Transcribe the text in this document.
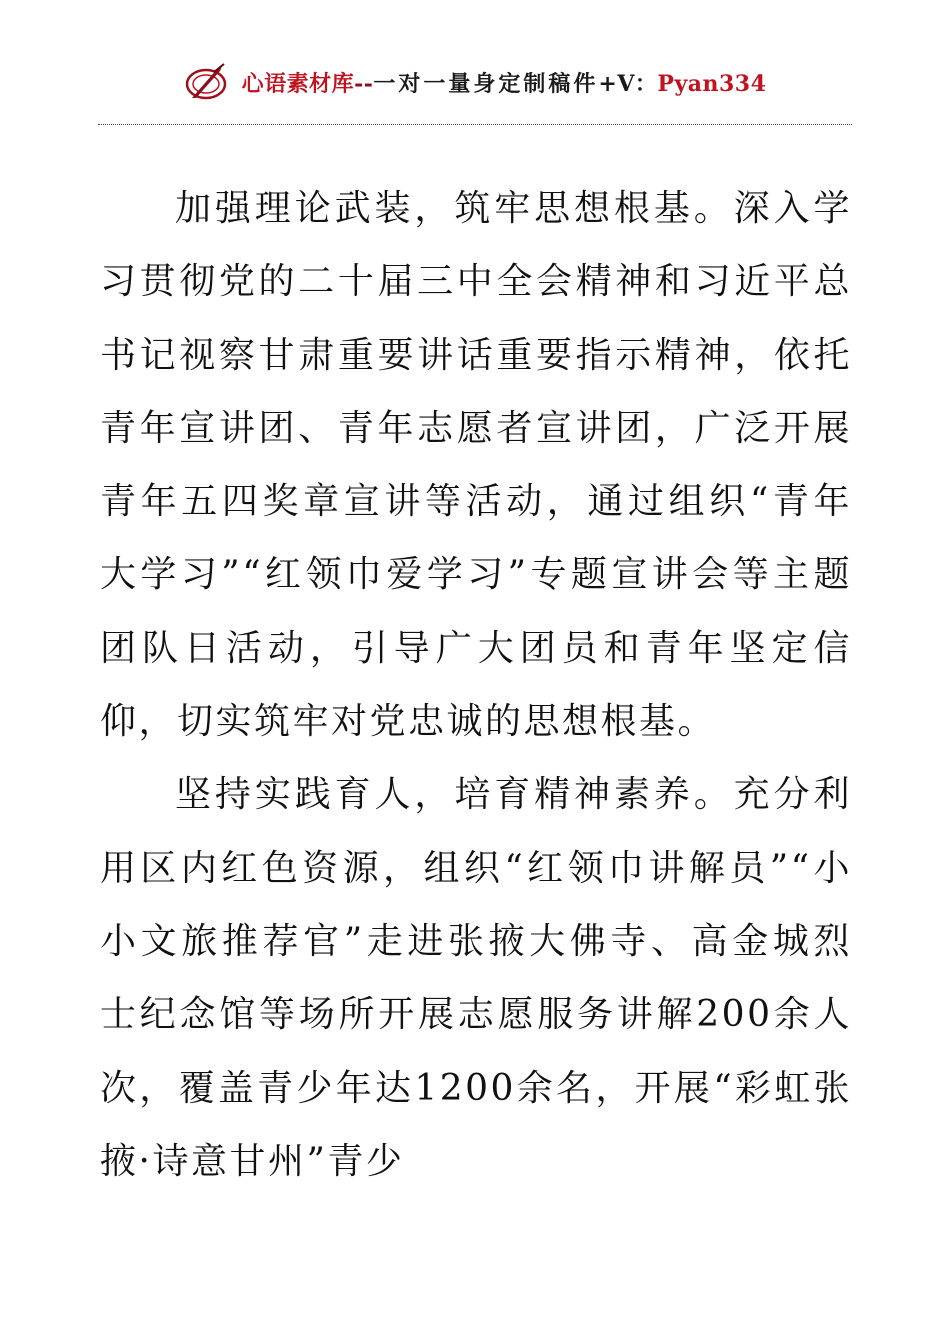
心语素材库--一对一量身定制稿件+V：Pyan334

加强理论武装，筑牢思想根基。深入学习贯彻党的二十届三中全会精神和习近平总书记视察甘肃重要讲话重要指示精神，依托青年宣讲团、青年志愿者宣讲团，广泛开展青年五四奖章宣讲等活动，通过组织“青年大学习”“红领巾爱学习”专题宣讲会等主题团队日活动，引导广大团员和青年坚定信仰，切实筑牢对党忠诚的思想根基。

坚持实践育人，培育精神素养。充分利用区内红色资源，组织“红领巾讲解员”“小小文旅推荐官”走进张掖大佛寺、高金城烈士纪念馆等场所开展志愿服务讲解200余人次，覆盖青少年达1200余名，开展“彩虹张掖·诗意甘州”青少
